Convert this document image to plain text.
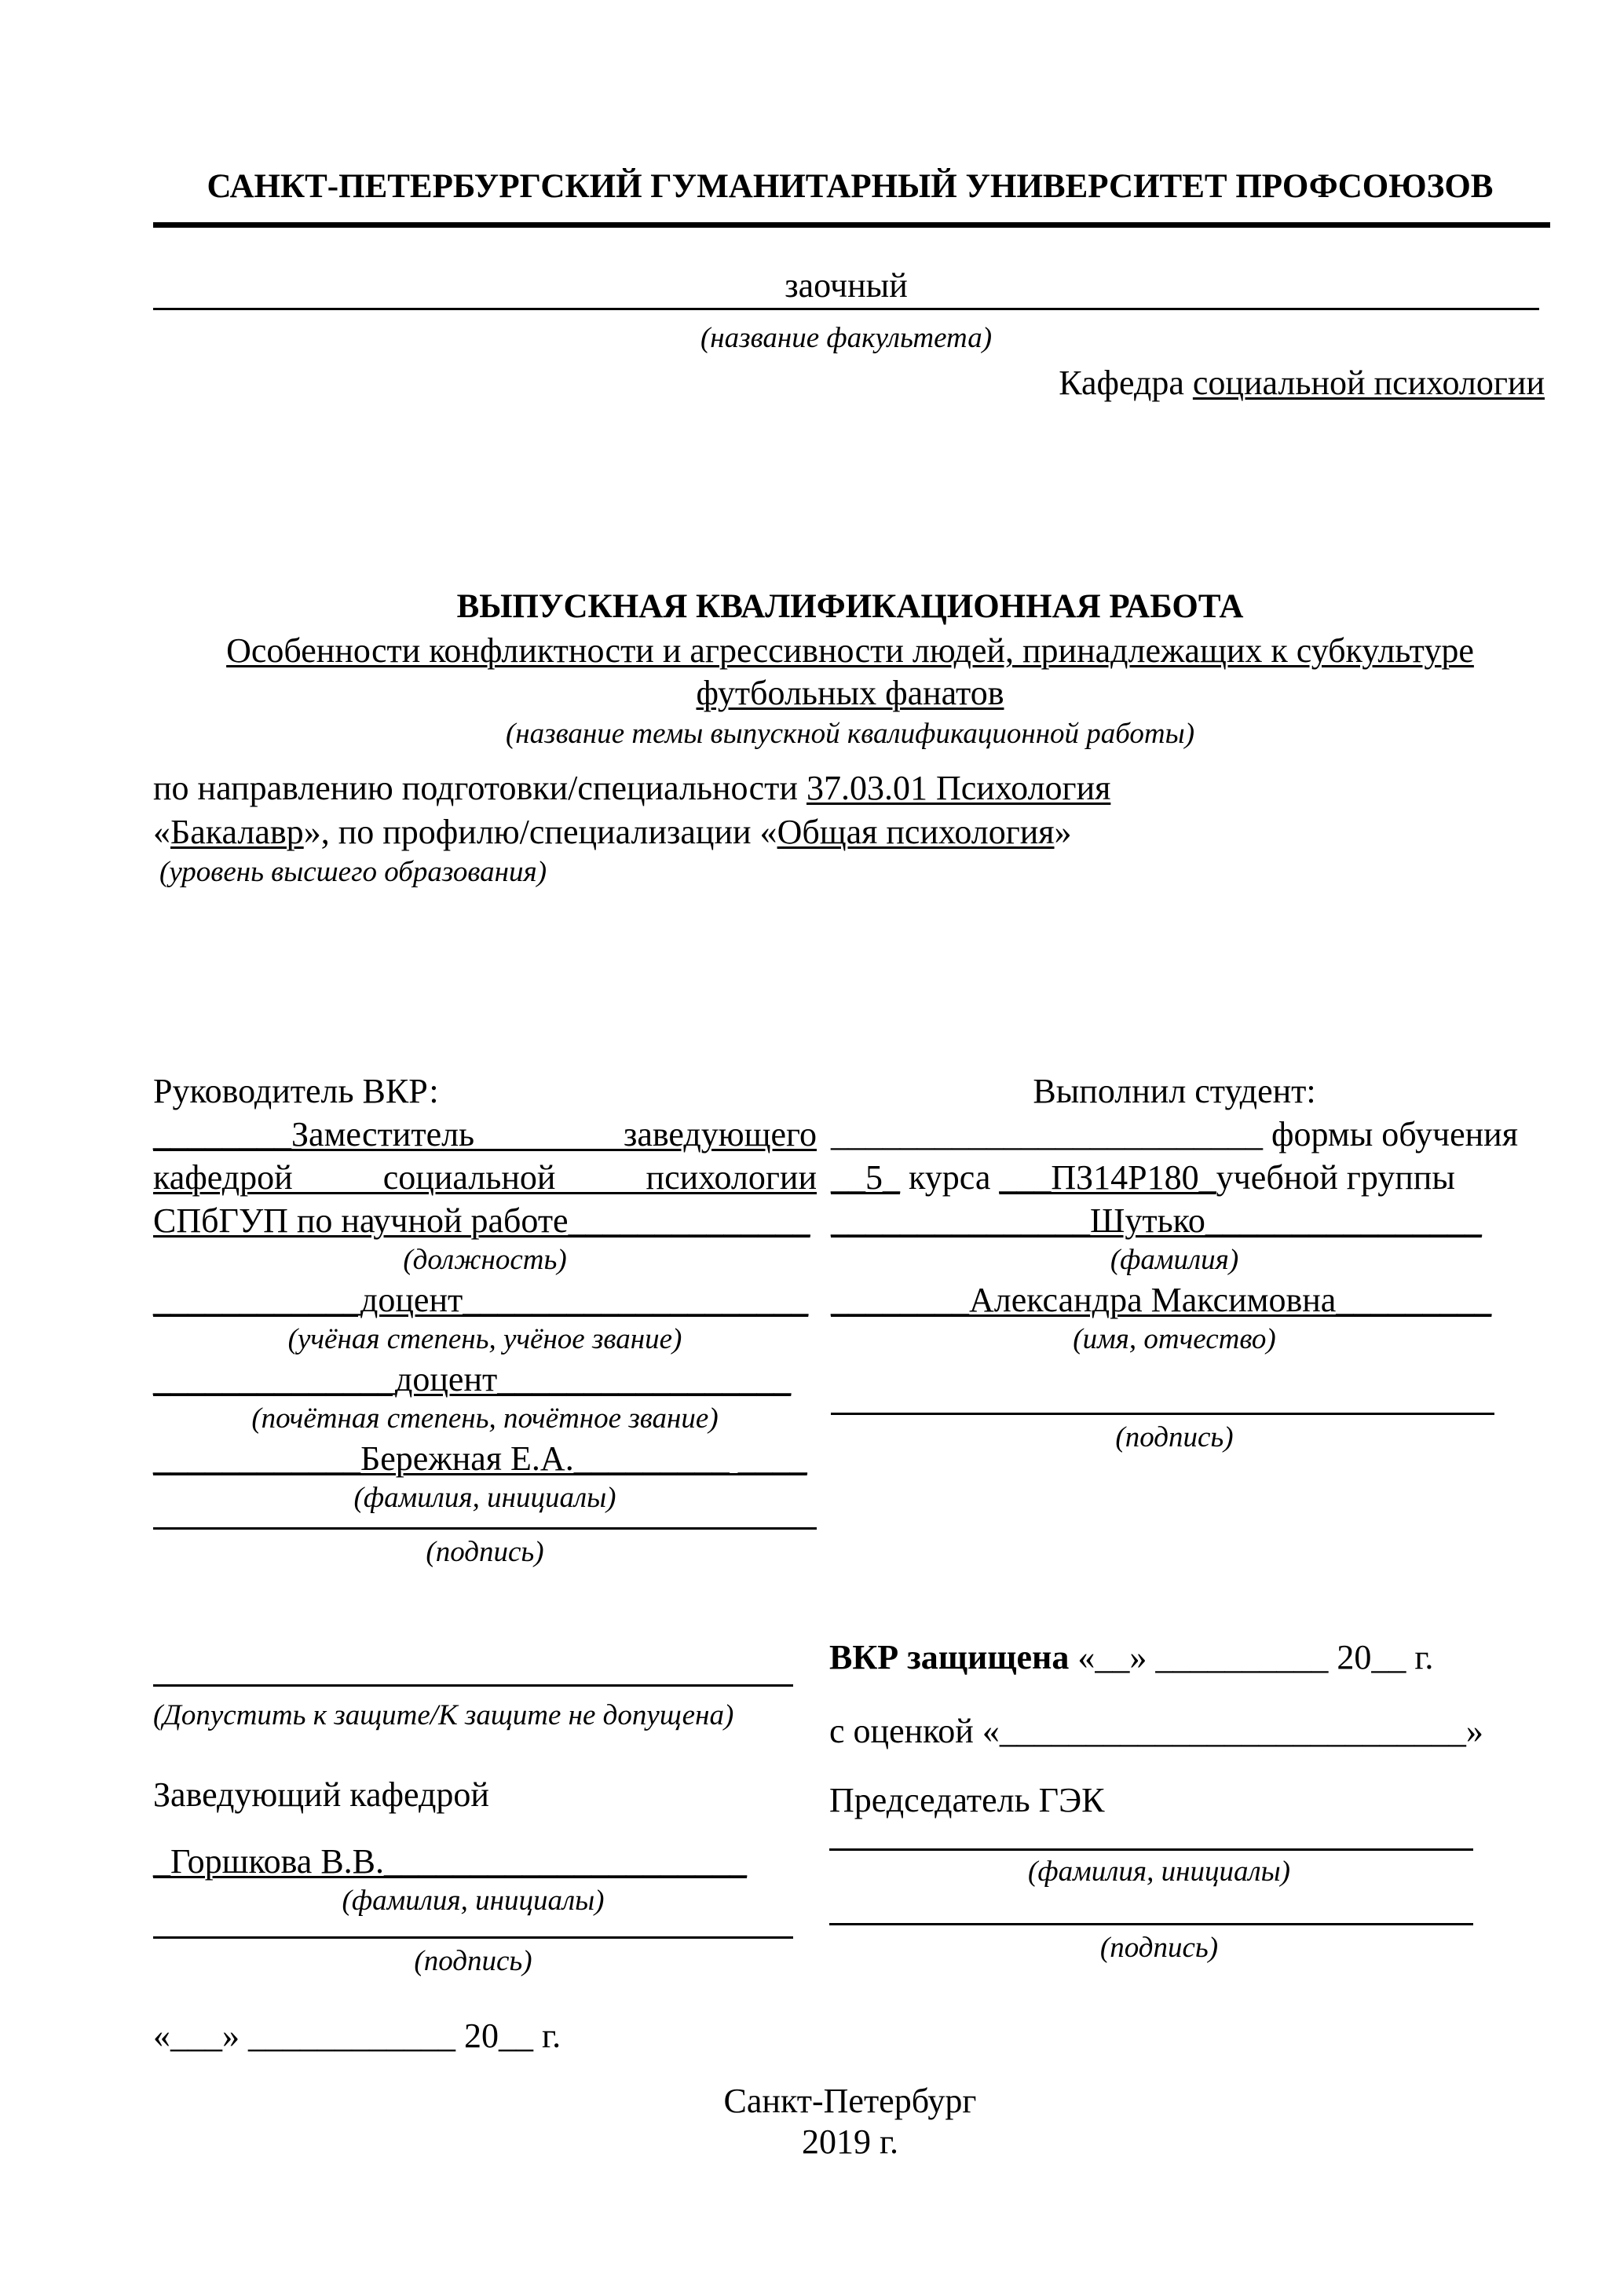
САНКТ-ПЕТЕРБУРГСКИЙ ГУМАНИТАРНЫЙ УНИВЕРСИТЕТ ПРОФСОЮЗОВ
заочный
(название факультета)
Кафедра социальной психологии
ВЫПУСКНАЯ КВАЛИФИКАЦИОННАЯ РАБОТА
Особенности конфликтности и агрессивности людей, принадлежащих к субкультуре
футбольных фанатов
(название темы выпускной квалификационной работы)
по направлению подготовки/специальности 37.03.01 Психология
«Бакалавр», по профилю/специализации «Общая психология»
(уровень высшего образования)
Руководитель ВКР:
________Заместитель заведующего
кафедрой социальной психологии
СПбГУП по научной работе______________
(должность)
____________доцент____________________
(учёная степень, учёное звание)
______________доцент_________________
(почётная степень, почётное звание)
____________Бережная Е.А._________ ____
(фамилия, инициалы)
(подпись)
Выполнил студент:
_________________________ формы обучения
__5_ курса ___ПЗ14Р180_учебной группы
_______________Шутько________________
(фамилия)
________Александра Максимовна_________
(имя, отчество)
(подпись)
(Допустить к защите/К защите не допущена)
Заведующий кафедрой
_Горшкова В.В._____________________
(фамилия, инициалы)
(подпись)
«___» ____________ 20__ г.
ВКР защищена «__» __________ 20__ г.
с оценкой «___________________________»
Председатель ГЭК
(фамилия, инициалы)
(подпись)
Санкт-Петербург
2019 г.
